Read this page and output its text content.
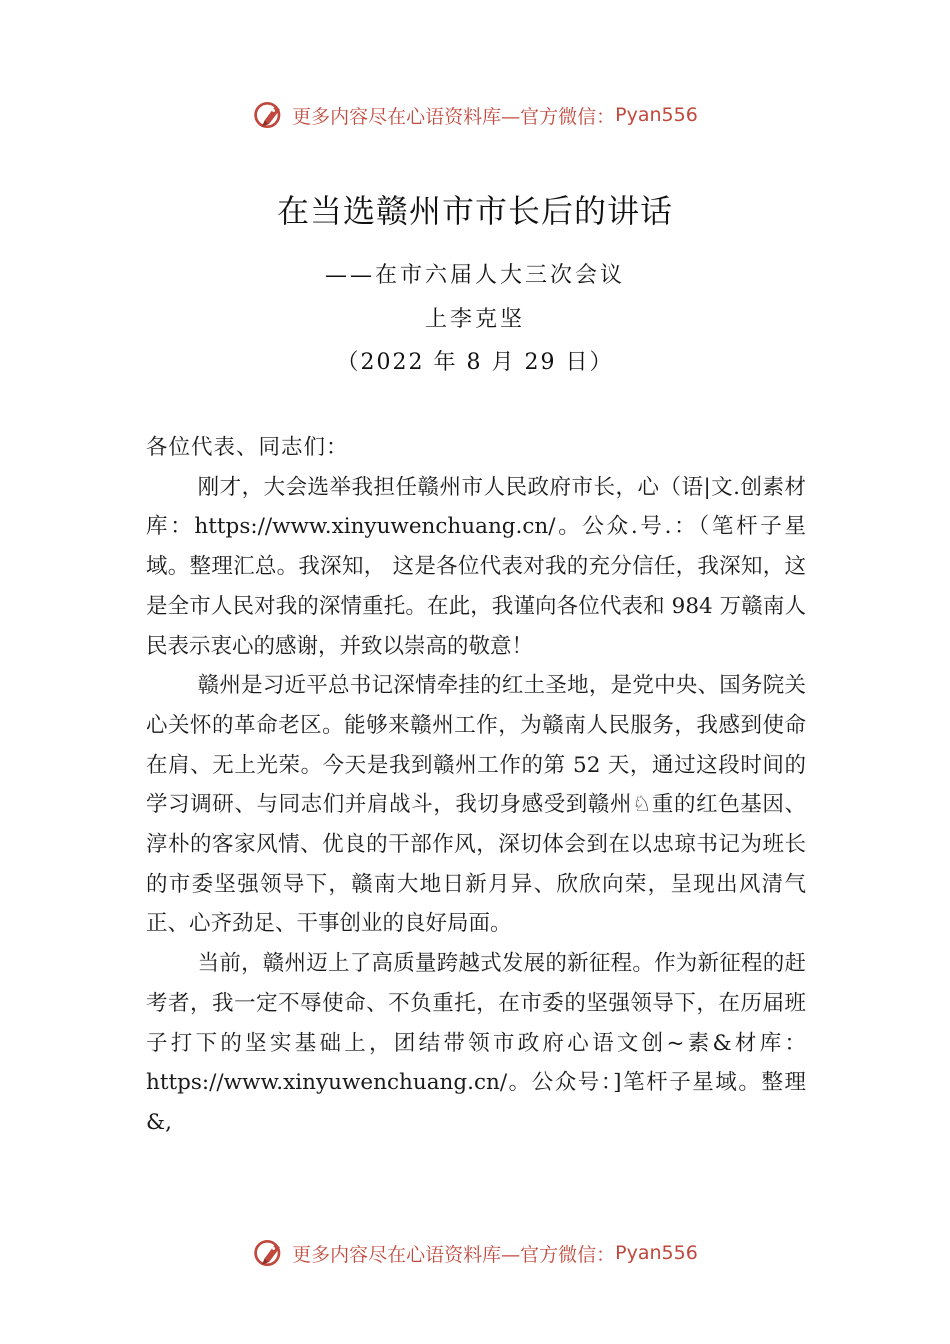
更多内容尽在心语资料库—官方微信： Pyan556
在当选赣州市市长后的讲话
——在市六届人大三次会议
上李克坚
（2022 年 8 月 29 日）

各位代表、同志们：

刚才，大会选举我担任赣州市人民政府市长，心（语|文.创素材库：https://www.xinyuwenchuang.cn/。公众.号.：（笔杆子星域。整理汇总。我深知， 这是各位代表对我的充分信任，我深知，这是全市人民对我的深情重托。在此，我谨向各位代表和 984 万赣南人民表示衷心的感谢，并致以崇高的敬意！

赣州是习近平总书记深情牵挂的红土圣地，是党中央、国务院关心关怀的革命老区。能够来赣州工作，为赣南人民服务，我感到使命在肩、无上光荣。今天是我到赣州工作的第 52 天，通过这段时间的学习调研、与同志们并肩战斗，我切身感受到赣州♘重的红色基因、淳朴的客家风情、优良的干部作风，深切体会到在以忠琼书记为班长的市委坚强领导下，赣南大地日新月异、欣欣向荣，呈现出风清气正、心齐劲足、干事创业的良好局面。

当前，赣州迈上了高质量跨越式发展的新征程。作为新征程的赶考者，我一定不辱使命、不负重托，在市委的坚强领导下，在历届班子打下的坚实基础上，团结带领市政府心语文创~素&材库：https://www.xinyuwenchuang.cn/。公众号：]笔杆子星域。整理&,

更多内容尽在心语资料库—官方微信： Pyan556
